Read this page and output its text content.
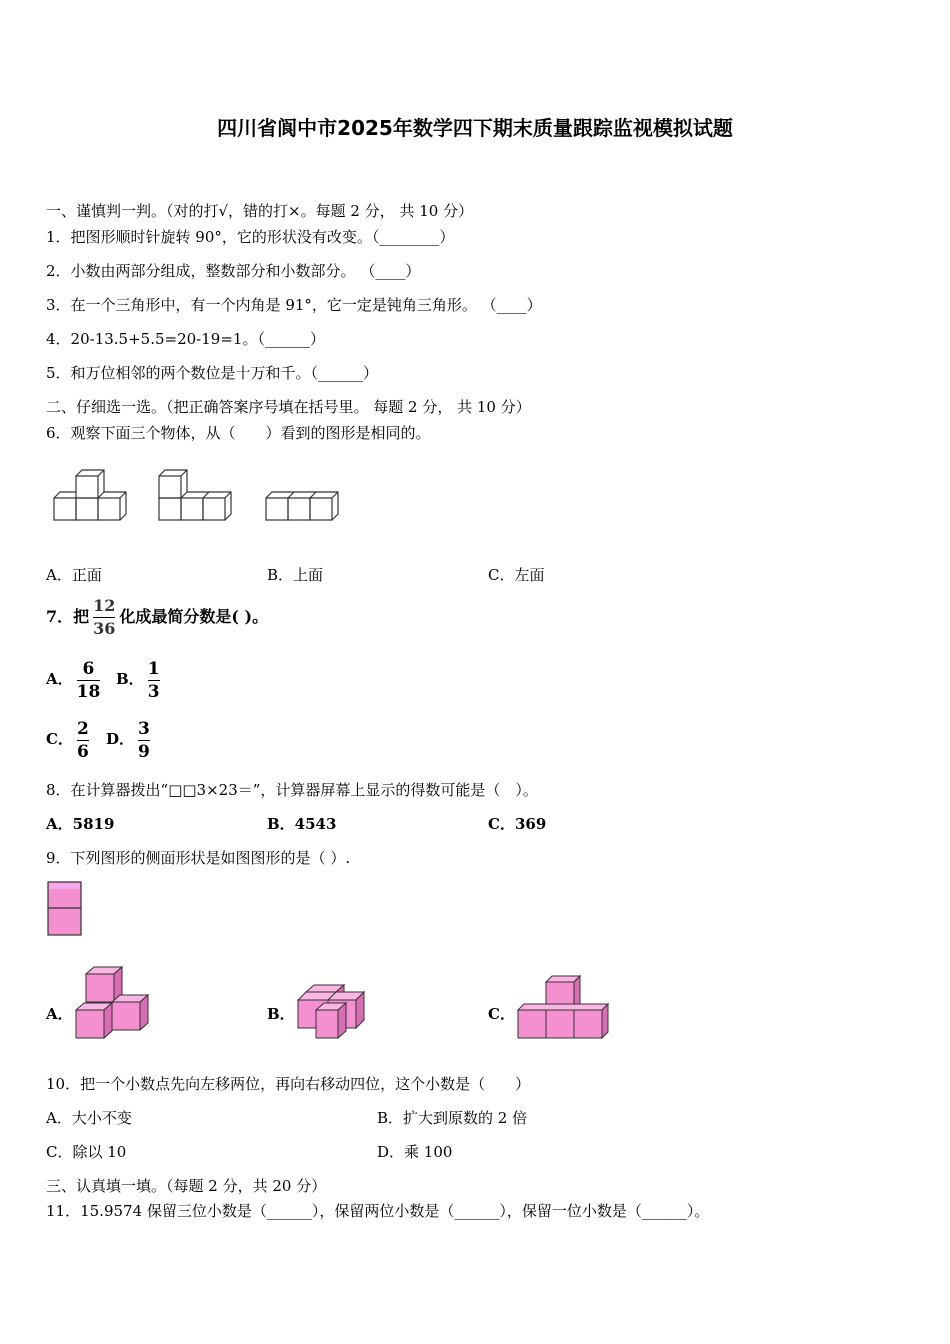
四川省阆中市2025年数学四下期末质量跟踪监视模拟试题
一、谨慎判一判。（对的打√，错的打×。每题 2 分， 共 10 分）
1．把图形顺时针旋转 90°，它的形状没有改变。（________）
2．小数由两部分组成，整数部分和小数部分。 （____）
3．在一个三角形中，有一个内角是 91°，它一定是钝角三角形。 （____）
4．20-13.5+5.5=20-19=1。（______）
5．和万位相邻的两个数位是十万和千。（______）
二、仔细选一选。（把正确答案序号填在括号里。 每题 2 分， 共 10 分）
6．观察下面三个物体，从（　　）看到的图形是相同的。
A．正面	B．上面	C．左面
7．把 $\frac{12}{36}$ 化成最简分数是( )。
A． $\frac{6}{18}$ B． $\frac{1}{3}$
C． $\frac{2}{6}$ D． $\frac{3}{9}$
8．在计算器拨出“□□3×23＝”，计算器屏幕上显示的得数可能是（　）。
A．5819	B．4543	C．369
9．下列图形的侧面形状是如图图形的是（ ）.
A．	B．	C．
10．把一个小数点先向左移两位，再向右移动四位，这个小数是（　　）
A．大小不变	B．扩大到原数的 2 倍
C．除以 10	D．乘 100
三、认真填一填。（每题 2 分，共 20 分）
11．15.9574 保留三位小数是（______），保留两位小数是（______），保留一位小数是（______）。
